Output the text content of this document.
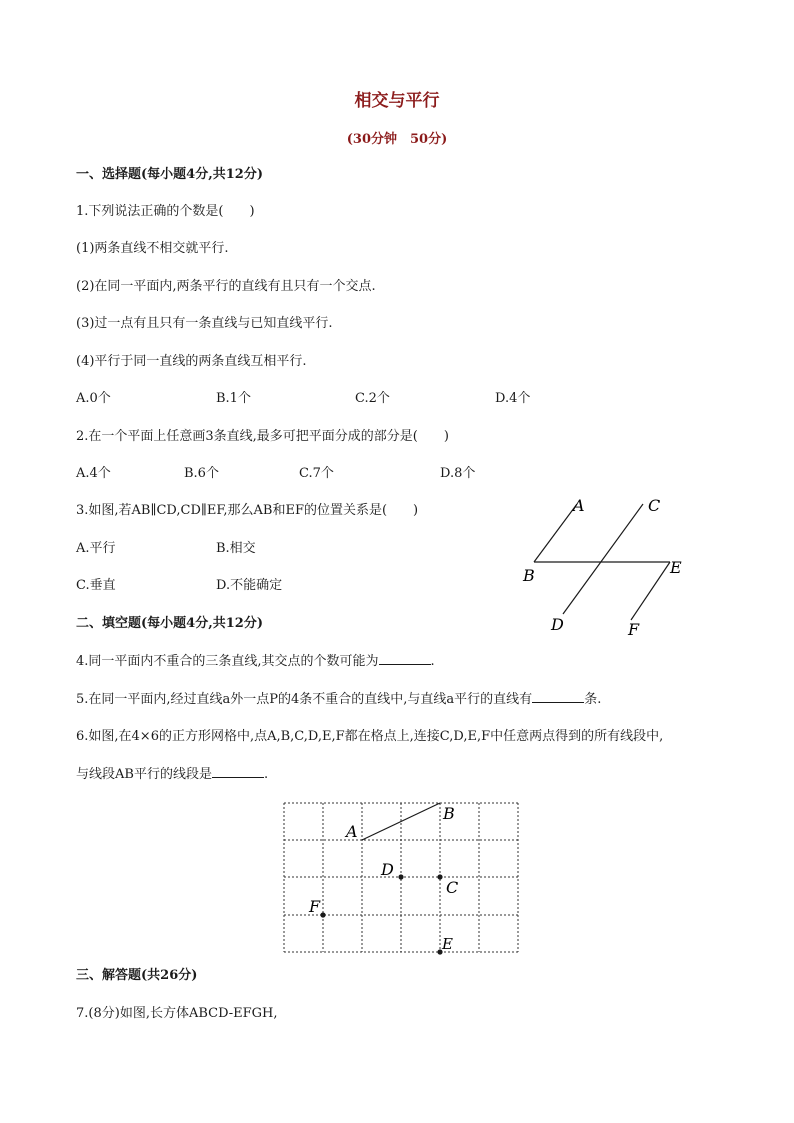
相交与平行
(30分钟　50分)
一、选择题(每小题4分,共12分)
1.下列说法正确的个数是(　　)
(1)两条直线不相交就平行.
(2)在同一平面内,两条平行的直线有且只有一个交点.
(3)过一点有且只有一条直线与已知直线平行.
(4)平行于同一直线的两条直线互相平行.
A.0个	B.1个	C.2个	D.4个
2.在一个平面上任意画3条直线,最多可把平面分成的部分是(　　)
A.4个	B.6个	C.7个	D.8个
3.如图,若AB∥CD,CD∥EF,那么AB和EF的位置关系是(　　)
A.平行	B.相交
C.垂直	D.不能确定
A	C
B	E
D	F
二、填空题(每小题4分,共12分)
4.同一平面内不重合的三条直线,其交点的个数可能为	.
5.在同一平面内,经过直线a外一点P的4条不重合的直线中,与直线a平行的直线有	条.
6.如图,在4×6的正方形网格中,点A,B,C,D,E,F都在格点上,连接C,D,E,F中任意两点得到的所有线段中,
与线段AB平行的线段是	.
A
B
D
C
F
E
三、解答题(共26分)
7.(8分)如图,长方体ABCD-EFGH,
